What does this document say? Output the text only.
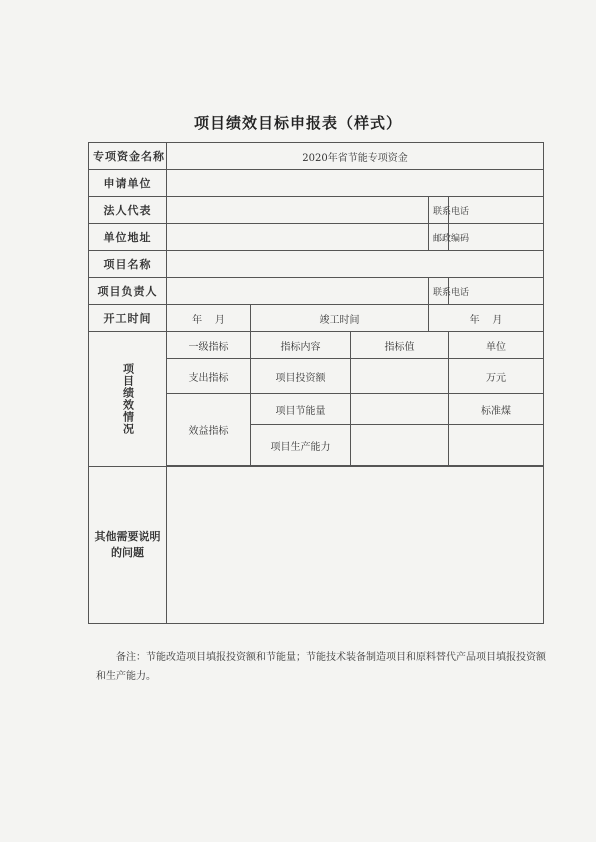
项目绩效目标申报表（样式）
专项资金名称	2020年省节能专项资金				
申请单位					
法人代表				联系电话	
单位地址				邮政编码	
项目名称					
项目负责人				联系电话	
开工时间	年    月	竣工时间		年    月	

项目绩效情况	一级指标	指标内容	指标值		单位
	支出指标	项目投资额			万元
	效益指标	项目节能量			标准煤
		项目生产能力			

其他需要说明的问题					
备注：节能改造项目填报投资额和节能量；节能技术装备制造项目和原料替代产品项目填报投资额和生产能力。
